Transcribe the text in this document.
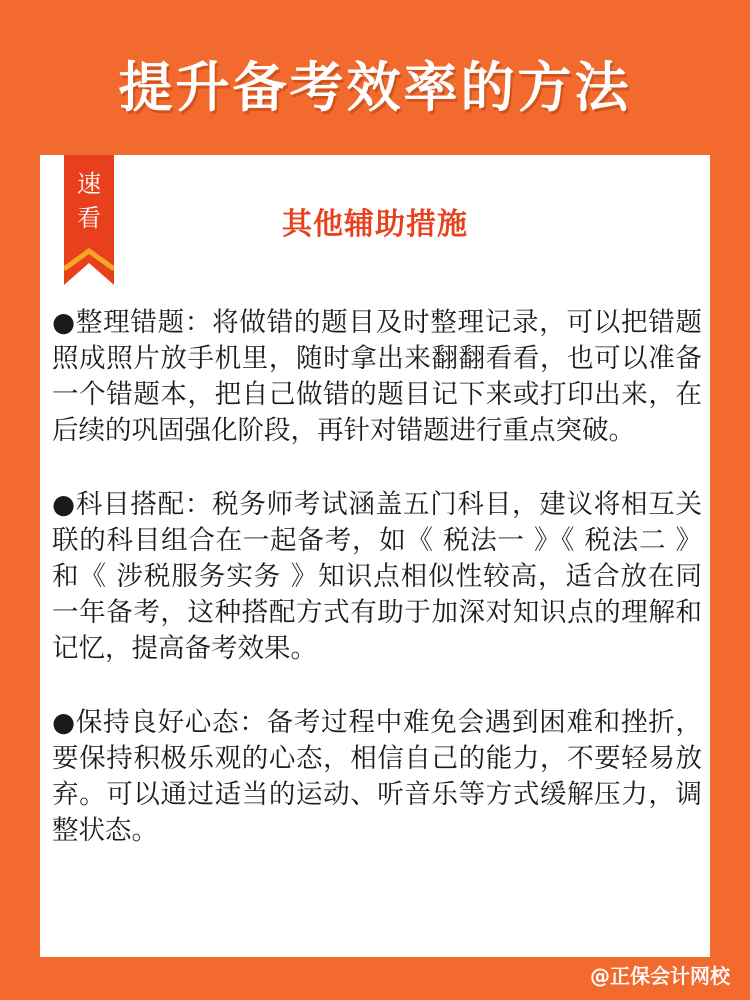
提升备考效率的方法
速
看	其他辅助措施

●整理错题：将做错的题目及时整理记录，可以把错题照成照片放手机里，随时拿出来翻翻看看，也可以准备一个错题本，把自己做错的题目记下来或打印出来，在后续的巩固强化阶段，再针对错题进行重点突破。

●科目搭配：税务师考试涵盖五门科目，建议将相互关联的科目组合在一起备考，如《 税法一 》《 税法二 》和《 涉税服务实务 》知识点相似性较高，适合放在同一年备考，这种搭配方式有助于加深对知识点的理解和记忆，提高备考效果。

●保持良好心态：备考过程中难免会遇到困难和挫折，要保持积极乐观的心态，相信自己的能力，不要轻易放弃。可以通过适当的运动、听音乐等方式缓解压力，调整状态。

@正保会计网校
